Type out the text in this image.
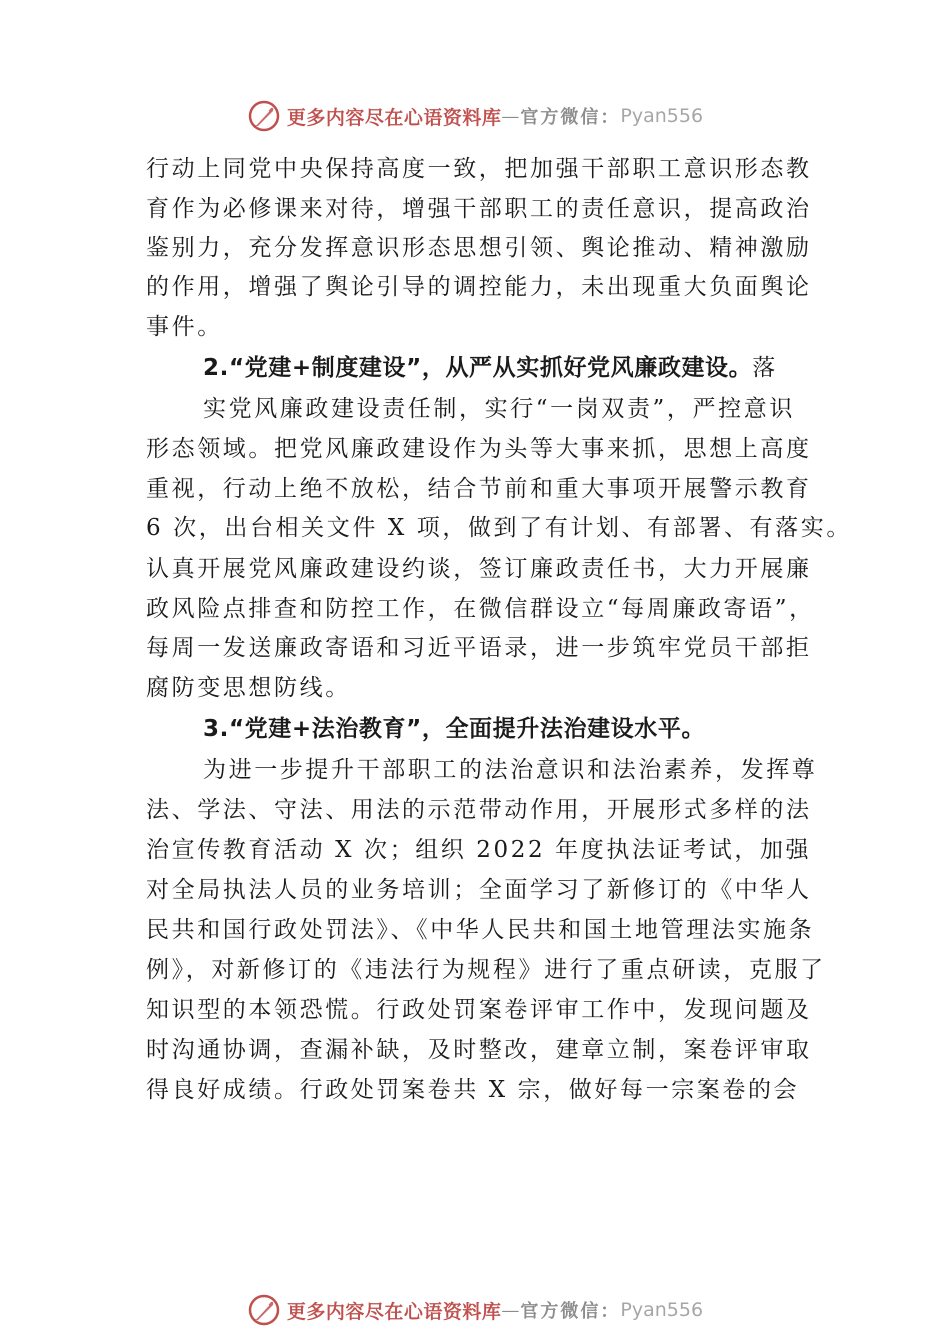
更多内容尽在心语资料库 — 官方微信： Pyan556
行动上同党中央保持高度一致，把加强干部职工意识形态教
育作为必修课来对待，增强干部职工的责任意识，提高政治
鉴别力，充分发挥意识形态思想引领、舆论推动、精神激励
的作用，增强了舆论引导的调控能力，未出现重大负面舆论
事件。
2.“党建+制度建设”，从严从实抓好党风廉政建设。落
实党风廉政建设责任制，实行“一岗双责”，严控意识
形态领域。把党风廉政建设作为头等大事来抓，思想上高度
重视，行动上绝不放松，结合节前和重大事项开展警示教育
6 次，出台相关文件 X 项，做到了有计划、有部署、有落实。
认真开展党风廉政建设约谈，签订廉政责任书，大力开展廉
政风险点排查和防控工作，在微信群设立“每周廉政寄语”，
每周一发送廉政寄语和习近平语录，进一步筑牢党员干部拒
腐防变思想防线。
3.“党建+法治教育”，全面提升法治建设水平。
为进一步提升干部职工的法治意识和法治素养，发挥尊
法、学法、守法、用法的示范带动作用，开展形式多样的法
治宣传教育活动 X 次；组织 2022 年度执法证考试，加强
对全局执法人员的业务培训；全面学习了新修订的《中华人
民共和国行政处罚法》、《中华人民共和国土地管理法实施条
例》，对新修订的《违法行为规程》进行了重点研读，克服了
知识型的本领恐慌。行政处罚案卷评审工作中，发现问题及
时沟通协调，查漏补缺，及时整改，建章立制，案卷评审取
得良好成绩。行政处罚案卷共 X 宗，做好每一宗案卷的会
更多内容尽在心语资料库 — 官方微信： Pyan556
